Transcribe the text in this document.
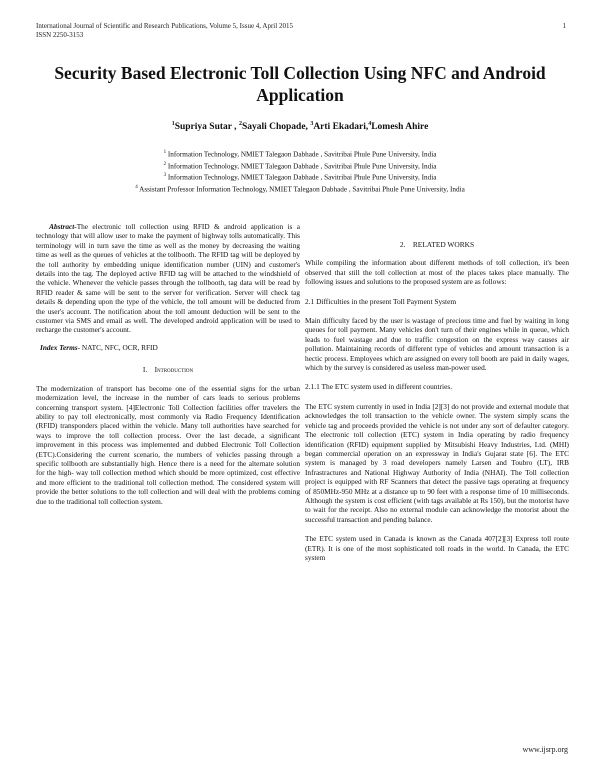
International Journal of Scientific and Research Publications, Volume 5, Issue 4, April 2015
ISSN 2250-3153
1
Security Based Electronic Toll Collection Using NFC and Android Application
$^1$Supriya Sutar , $^2$Sayali Chopade, $^3$Arti Ekadari,$^4$Lomesh Ahire
$^1$ Information Technology, NMIET Talegaon Dabhade , Savitribai Phule Pune University, India
$^2$ Information Technology, NMIET Talegaon Dabhade , Savitribai Phule Pune University, India
$^3$ Information Technology, NMIET Talegaon Dabhade , Savitribai Phule Pune University, India
$^4$ Assistant Professor Information Technology, NMIET Talegaon Dabhade , Savitribai Phule Pune University, India

Abstract-The electronic toll collection using RFID & android application is a technology that will allow user to make the payment of highway tolls automatically. This terminology will in turn save the time as well as the money by decreasing the waiting time as well as the queues of vehicles at the tollbooth. The RFID tag will be deployed by the toll authority by embedding unique identification number (UIN) and customer's details into the tag. The deployed active RFID tag will be attached to the windshield of the vehicle. Whenever the vehicle passes through the tollbooth, tag data will be read by RFID reader & same will be sent to the server for verification. Server will check tag details & depending upon the type of the vehicle, the toll amount will be deducted from the user's account. The notification about the toll amount deduction will be sent to the customer via SMS and email as well. The developed android application will be used to recharge the customer's account.

Index Terms- NATC, NFC, OCR, RFID

I. Introduction

The modernization of transport has become one of the essential signs for the urban modernization level, the increase in the number of cars leads to serious problems concerning transport system. [4]Electronic Toll Collection facilities offer travelers the ability to pay toll electronically, most commonly via Radio Frequency Identification (RFID) transponders placed within the vehicle. Many toll authorities have searched for ways to improve the toll collection process. Over the last decade, a significant improvement in this process was implemented and dubbed Electronic Toll Collection (ETC).Considering the current scenario, the numbers of vehicles passing through a specific tollbooth are substantially high. Hence there is a need for the alternate solution for the high- way toll collection method which should be more optimized, cost effective and more efficient to the traditional toll collection method. The considered system will provide the better solutions to the toll collection and will deal with the problems coming due to the traditional toll collection system.

2. RELATED WORKS

While compiling the information about different methods of toll collection, it's been observed that still the toll collection at most of the places takes place manually. The following issues and solutions to the proposed system are as follows:

2.1 Difficulties in the present Toll Payment System

Main difficulty faced by the user is wastage of precious time and fuel by waiting in long queues for toll payment. Many vehicles don't turn of their engines while in queue, which leads to fuel wastage and due to traffic congestion on the express way causes air pollution. Maintaining records of different type of vehicles and amount transaction is a hectic process. Employees which are assigned on every toll booth are paid in daily wages, which by the survey is considered as useless man-power used.

2.1.1 The ETC system used in different countries.

The ETC system currently in used in India [2][3] do not provide and external module that acknowledges the toll transaction to the vehicle owner. The system simply scans the vehicle tag and proceeds provided the vehicle is not under any sort of defaulter category. The electronic toll collection (ETC) system in India operating by radio frequency identification (RFID) equipment supplied by Mitsubishi Heavy Industries, Ltd. (MHI) began commercial operation on an expressway in India's Gujarat state [6]. The ETC system is managed by 3 road developers namely Larsen and Toubro (LT), IRB Infrastractures and National Highway Authority of India (NHAI). The Toll collection project is equipped with RF Scanners that detect the passive tags operating at frequency of 850MHz-950 MHz at a distance up to 90 feet with a response time of 10 milliseconds. Although the system is cost efficient (with tags available at Rs 150), but the motorist have to wait for the receipt. Also no external module can acknowledge the motorist about the successful transaction and pending balance.

The ETC system used in Canada is known as the Canada 407[2][3] Express toll route (ETR). It is one of the most sophisticated toll roads in the world. In Canada, the ETC system

www.ijsrp.org
